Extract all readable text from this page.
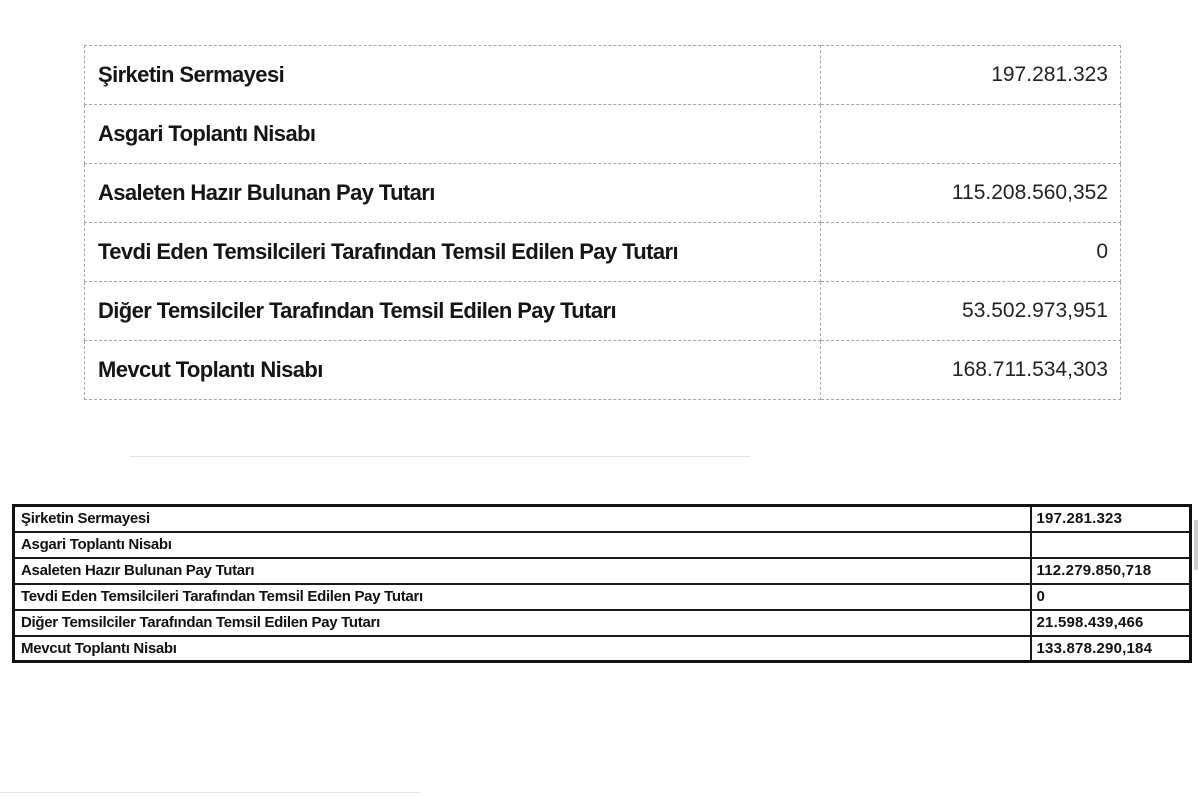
Şirketin Sermayesi	197.281.323
Asgari Toplantı Nisabı	
Asaleten Hazır Bulunan Pay Tutarı	115.208.560,352
Tevdi Eden Temsilcileri Tarafından Temsil Edilen Pay Tutarı	0
Diğer Temsilciler Tarafından Temsil Edilen Pay Tutarı	53.502.973,951
Mevcut Toplantı Nisabı	168.711.534,303
Şirketin Sermayesi	197.281.323
Asgari Toplantı Nisabı	
Asaleten Hazır Bulunan Pay Tutarı	112.279.850,718
Tevdi Eden Temsilcileri Tarafından Temsil Edilen Pay Tutarı	0
Diğer Temsilciler Tarafından Temsil Edilen Pay Tutarı	21.598.439,466
Mevcut Toplantı Nisabı	133.878.290,184
